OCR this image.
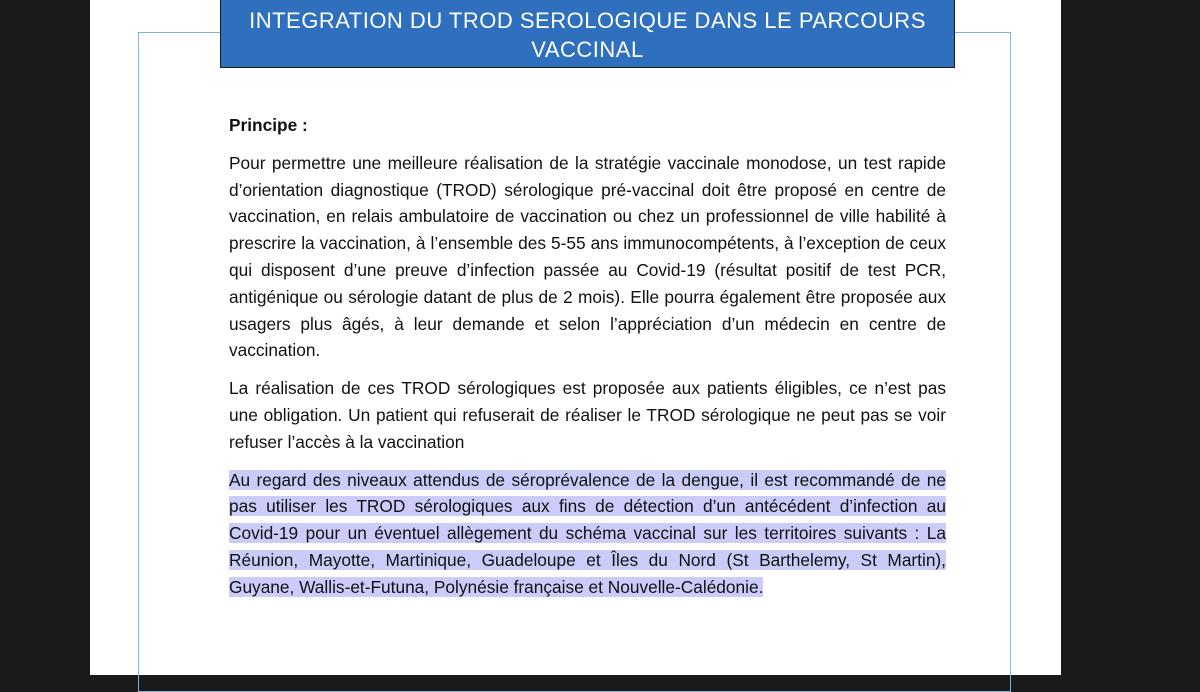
INTEGRATION DU TROD SEROLOGIQUE DANS LE PARCOURS
VACCINAL

Principe :

Pour permettre une meilleure réalisation de la stratégie vaccinale monodose, un test rapide d’orientation diagnostique (TROD) sérologique pré-vaccinal doit être proposé en centre de vaccination, en relais ambulatoire de vaccination ou chez un professionnel de ville habilité à prescrire la vaccination, à l’ensemble des 5-55 ans immunocompétents, à l’exception de ceux qui disposent d’une preuve d’infection passée au Covid-19 (résultat positif de test PCR, antigénique ou sérologie datant de plus de 2 mois). Elle pourra également être proposée aux usagers plus âgés, à leur demande et selon l’appréciation d’un médecin en centre de vaccination.

La réalisation de ces TROD sérologiques est proposée aux patients éligibles, ce n’est pas une obligation. Un patient qui refuserait de réaliser le TROD sérologique ne peut pas se voir refuser l’accès à la vaccination

Au regard des niveaux attendus de séroprévalence de la dengue, il est recommandé de ne pas utiliser les TROD sérologiques aux fins de détection d’un antécédent d’infection au Covid-19 pour un éventuel allègement du schéma vaccinal sur les territoires suivants : La Réunion, Mayotte, Martinique, Guadeloupe et Îles du Nord (St Barthelemy, St Martin), Guyane, Wallis-et-Futuna, Polynésie française et Nouvelle-Calédonie.
